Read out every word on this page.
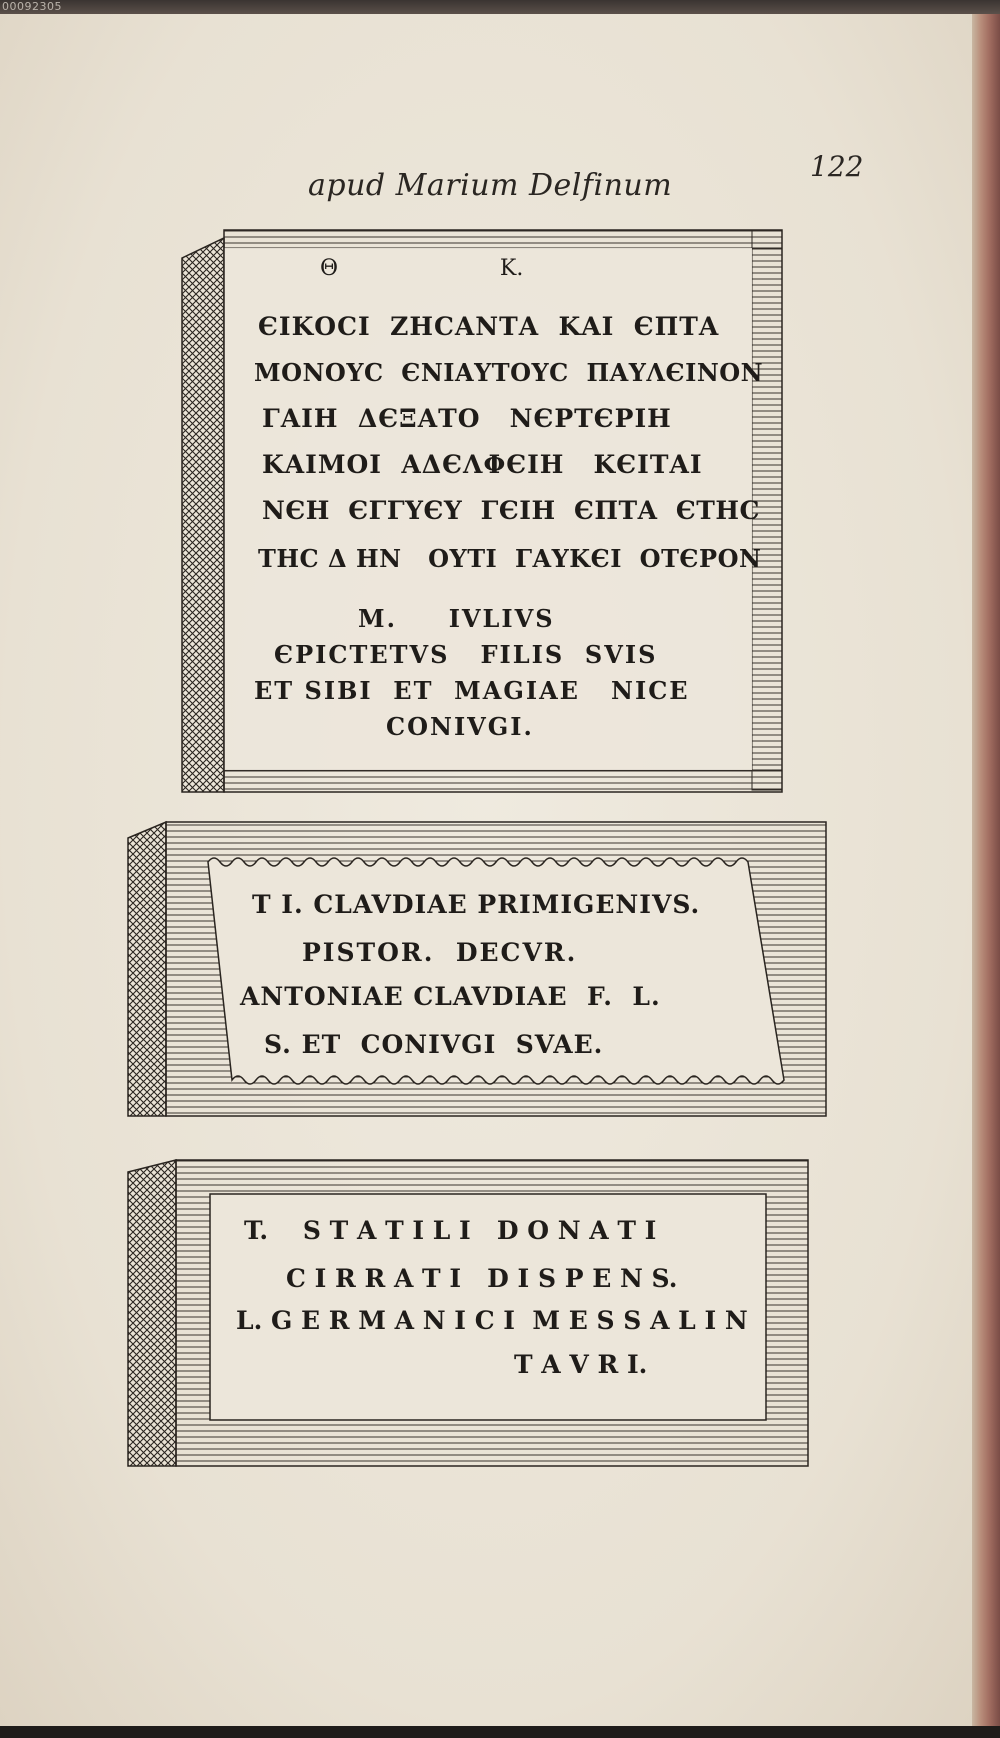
00092305
apud Marium Delfinum
122
Θ                  K.
ЄΙΚΟϹΙ  ΖΗϹΑΝΤΑ  ΚΑΙ  ЄΠΤΑ
ΜΟΝΟΥϹ  ЄΝΙΑΥΤΟΥϹ  ΠΑΥΛЄΙΝΟΝ
ΓΑΙΗ  ΔЄΞΑΤΟ   ΝЄΡΤЄΡΙΗ
ΚΑΙΜΟΙ  ΑΔЄΛΦЄΙΗ   ΚЄΙΤΑΙ
ΝЄΗ  ЄΓΓΥЄΥ  ΓЄΙΗ  ЄΠΤΑ  ЄΤΗϹ
ΤΗϹ Δ ΗΝ   ΟΥΤΙ  ΓΑΥΚЄΙ  ΟΤЄΡΟΝ
M.     IVLIVS
ЄPICTETVS   FILIS  SVIS
ET SIBI  ET  MAGIAE   NICE
CONIVGI.
T I. CLAVDIAE PRIMIGENIVS.
PISTOR.  DECVR.
ANTONIAE CLAVDIAE  F.  L.
S. ET  CONIVGI  SVAE.
T.    S T A T I L I   D O N A T I
C I R R A T I   D I S P E N S.
L. G E R M A N I C I  M E S S A L I N
T A V R I.
